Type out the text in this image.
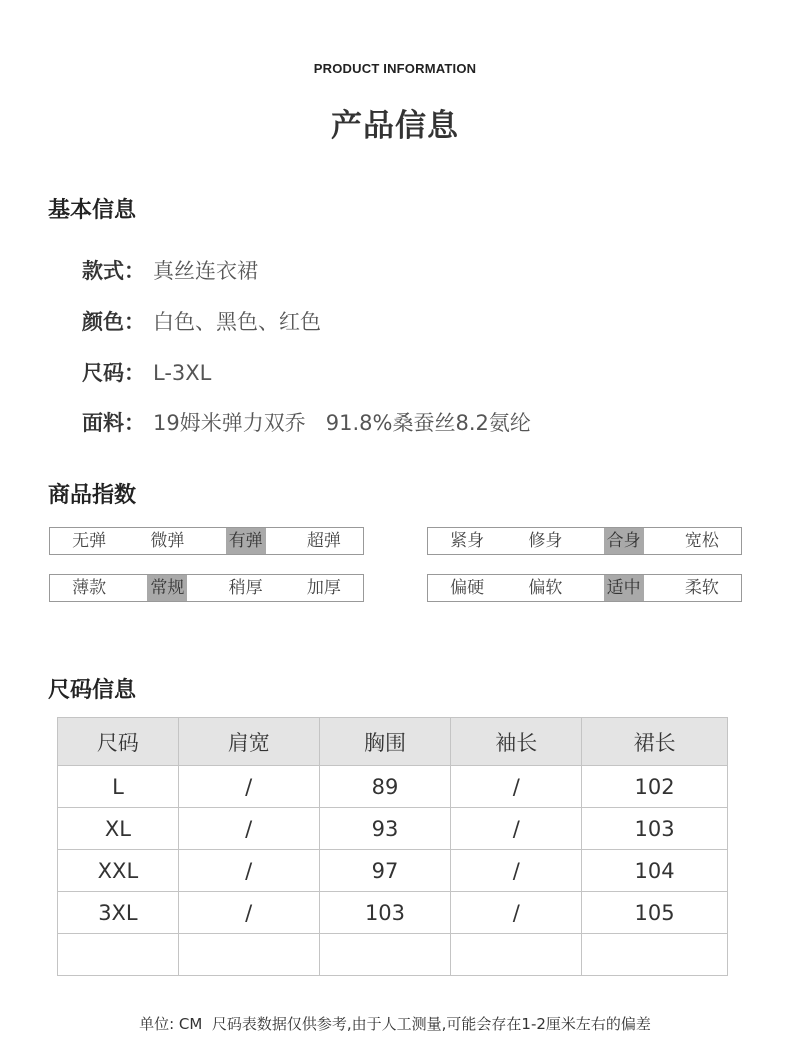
PRODUCT INFORMATION
产品信息
基本信息
款式： 真丝连衣裙
颜色： 白色、黑色、红色
尺码： L-3XL
面料： 19姆米弹力双乔   91.8%桑蚕丝8.2氨纶
商品指数
无弹	微弹	有弹	超弹	紧身	修身	合身	宽松
薄款	常规	稍厚	加厚	偏硬	偏软	适中	柔软
尺码信息
尺码	肩宽	胸围	袖长	裙长
L	/	89	/	102
XL	/	93	/	103
XXL	/	97	/	104
3XL	/	103	/	105

单位: CM  尺码表数据仅供参考,由于人工测量,可能会存在1-2厘米左右的偏差
